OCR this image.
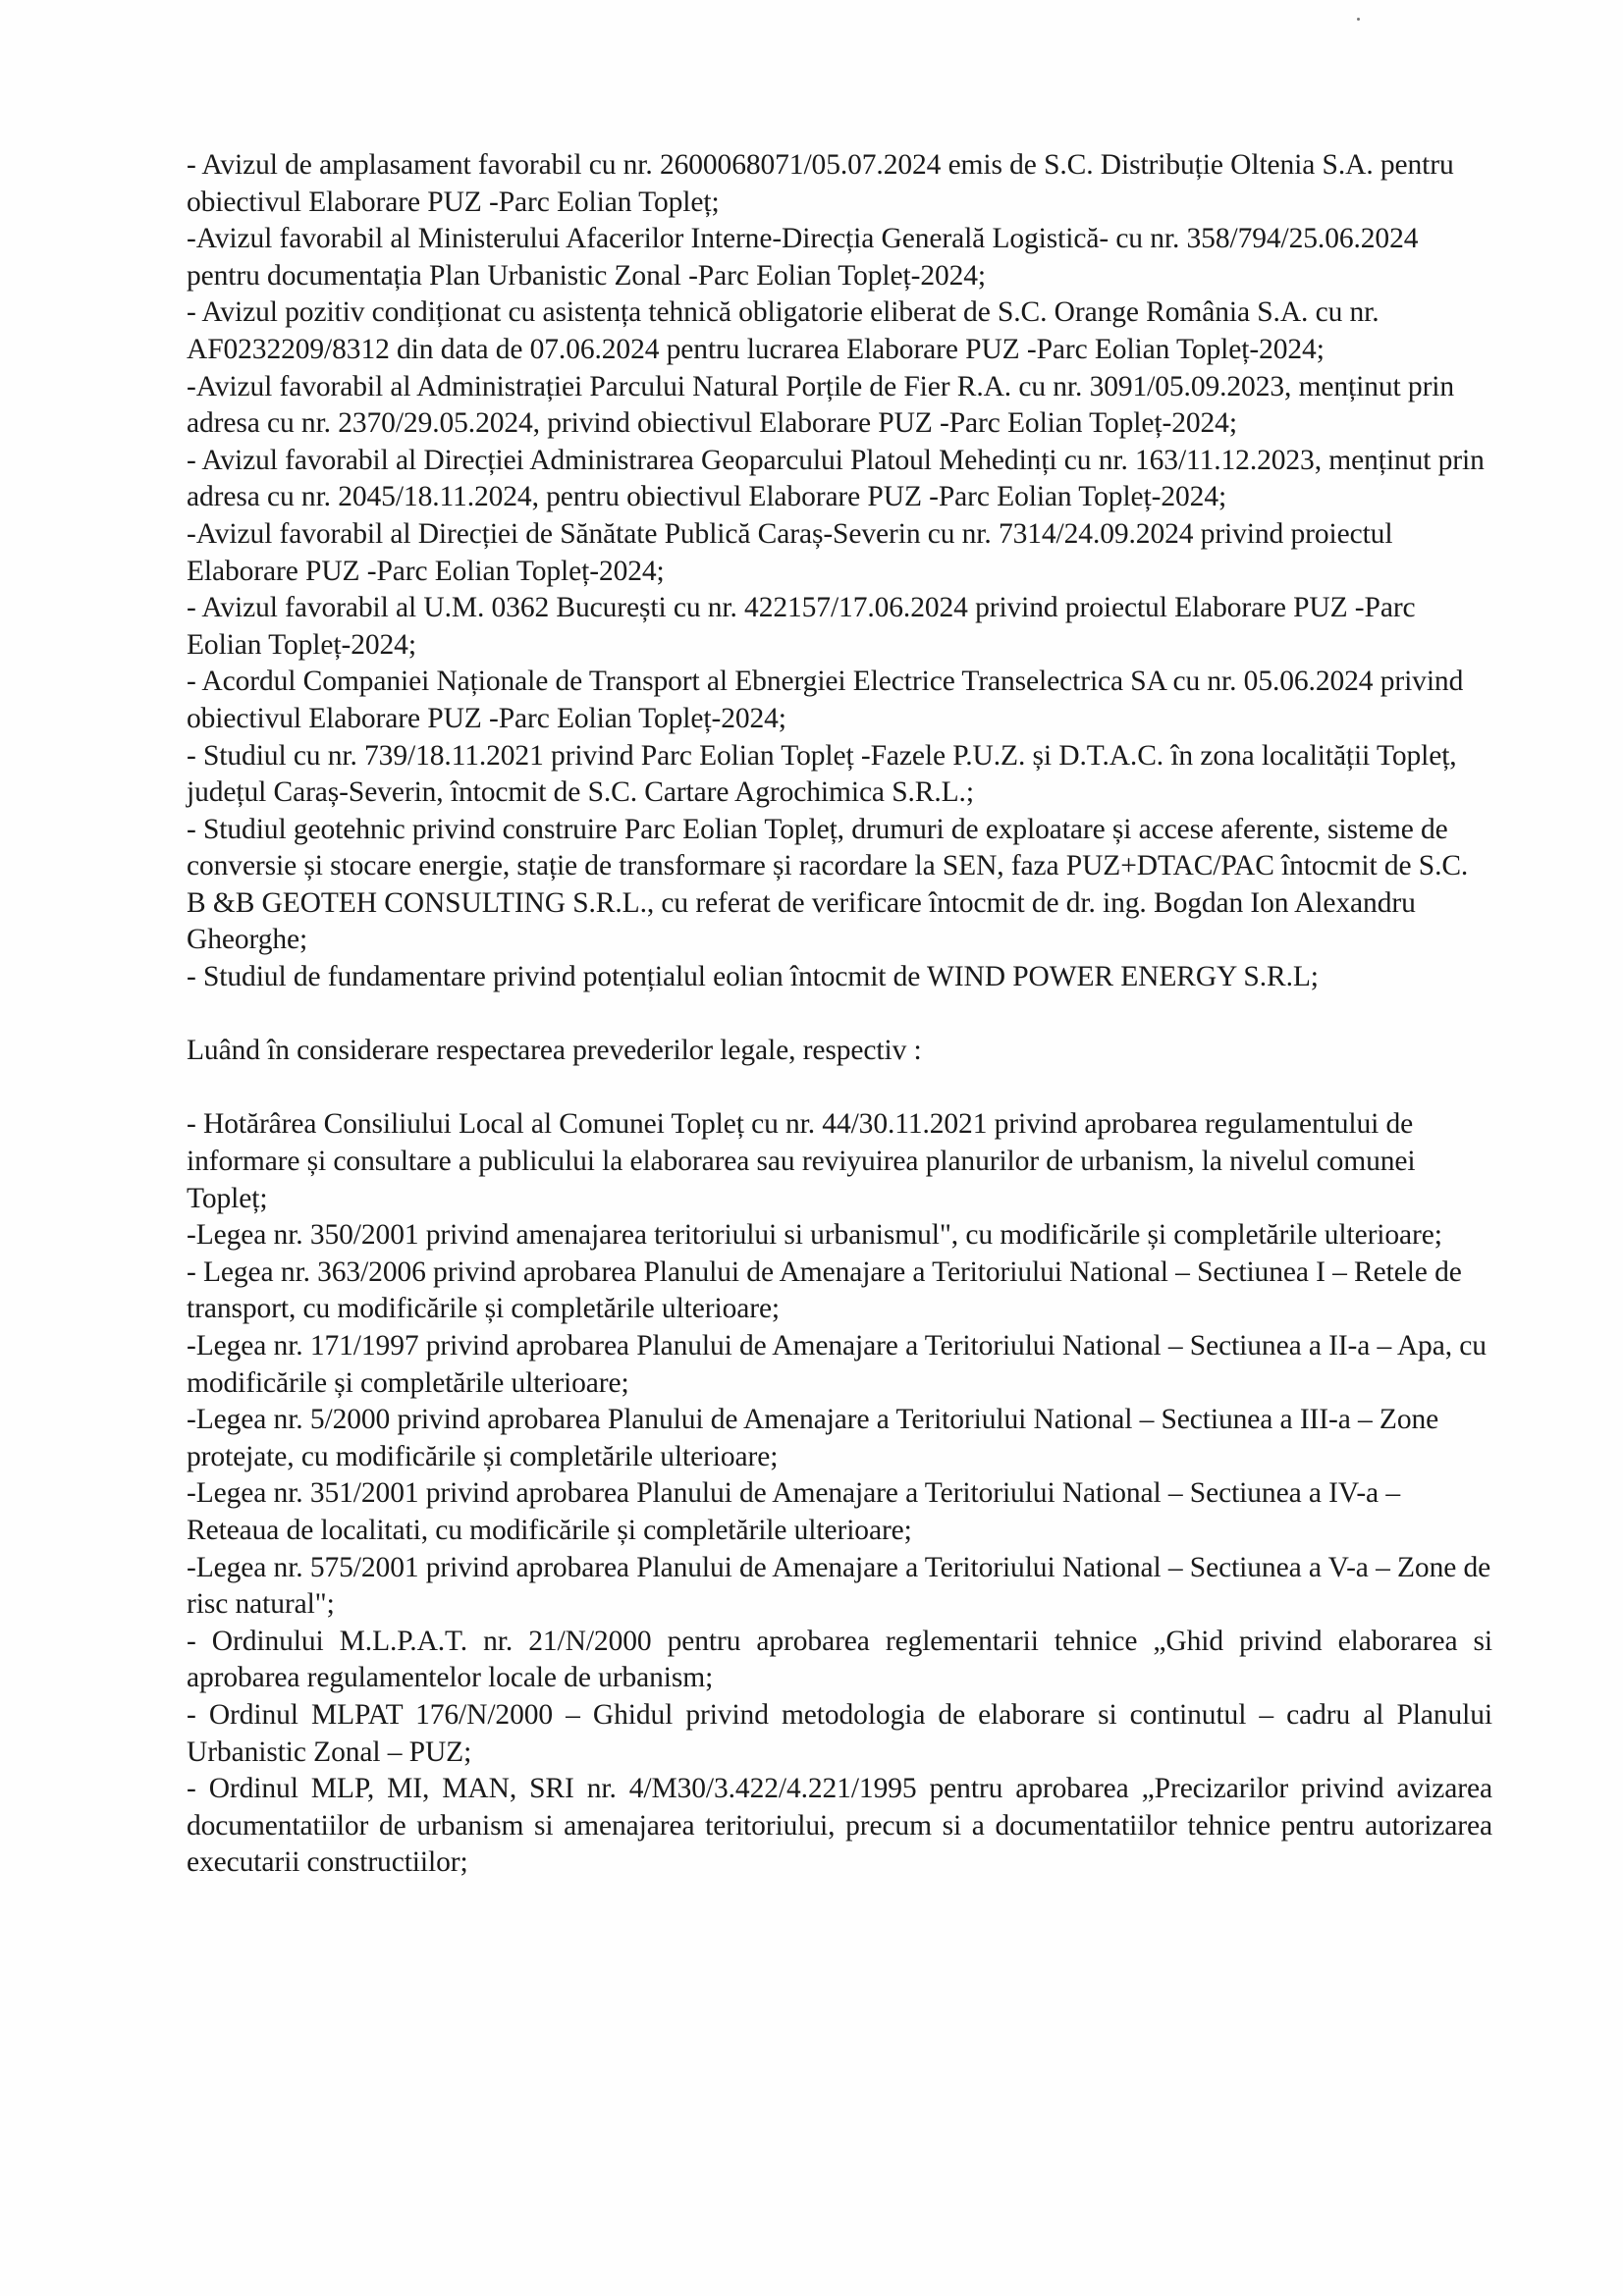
- Avizul de amplasament favorabil cu nr. 2600068071/05.07.2024 emis de S.C. Distribuție Oltenia S.A. pentru obiectivul Elaborare PUZ -Parc Eolian Topleț;

-Avizul favorabil al Ministerului Afacerilor Interne-Direcția Generală Logistică- cu nr. 358/794/25.06.2024 pentru documentația Plan Urbanistic Zonal -Parc Eolian Topleț-2024;

- Avizul pozitiv condiționat cu asistența tehnică obligatorie eliberat de S.C. Orange România S.A. cu nr. AF0232209/8312 din data de 07.06.2024 pentru lucrarea Elaborare PUZ -Parc Eolian Topleț-2024;

-Avizul favorabil al Administrației Parcului Natural Porțile de Fier R.A. cu nr. 3091/05.09.2023, menținut prin adresa cu nr. 2370/29.05.2024, privind obiectivul Elaborare PUZ -Parc Eolian Topleț-2024;

- Avizul favorabil al Direcției Administrarea Geoparcului Platoul Mehedinți cu nr. 163/11.12.2023, menținut prin adresa cu nr. 2045/18.11.2024, pentru obiectivul Elaborare PUZ -Parc Eolian Topleț-2024;

-Avizul favorabil al Direcției de Sănătate Publică Caraș-Severin cu nr. 7314/24.09.2024 privind proiectul Elaborare PUZ -Parc Eolian Topleț-2024;

- Avizul favorabil al U.M. 0362 București cu nr. 422157/17.06.2024 privind proiectul Elaborare PUZ -Parc Eolian Topleț-2024;

- Acordul Companiei Naționale de Transport al Ebnergiei Electrice Transelectrica SA cu nr. 05.06.2024 privind obiectivul Elaborare PUZ -Parc Eolian Topleț-2024;

- Studiul cu nr. 739/18.11.2021 privind Parc Eolian Topleț -Fazele P.U.Z. și D.T.A.C. în zona localității Topleț, județul Caraș-Severin, întocmit de S.C. Cartare Agrochimica S.R.L.;

- Studiul geotehnic privind construire Parc Eolian Topleț, drumuri de exploatare și accese aferente, sisteme de conversie și stocare energie, stație de transformare și racordare la SEN, faza PUZ+DTAC/PAC întocmit de S.C. B &B GEOTEH CONSULTING S.R.L., cu referat de verificare întocmit de dr. ing. Bogdan Ion Alexandru Gheorghe;

- Studiul de fundamentare privind potențialul eolian întocmit de WIND POWER ENERGY S.R.L;

Luând în considerare respectarea prevederilor legale, respectiv :

- Hotărârea Consiliului Local al Comunei Topleț cu nr. 44/30.11.2021 privind aprobarea regulamentului de informare și consultare a publicului la elaborarea sau reviyuirea planurilor de urbanism, la nivelul comunei Topleț;

-Legea nr. 350/2001 privind amenajarea teritoriului si urbanismul", cu modificările și completările ulterioare;

- Legea nr. 363/2006 privind aprobarea Planului de Amenajare a Teritoriului National – Sectiunea I – Retele de transport, cu modificările și completările ulterioare;

-Legea nr. 171/1997 privind aprobarea Planului de Amenajare a Teritoriului National – Sectiunea a II-a – Apa, cu modificările și completările ulterioare;

-Legea nr. 5/2000 privind aprobarea Planului de Amenajare a Teritoriului National – Sectiunea a III-a – Zone protejate, cu modificările și completările ulterioare;

-Legea nr. 351/2001 privind aprobarea Planului de Amenajare a Teritoriului National – Sectiunea a IV-a – Reteaua de localitati, cu modificările și completările ulterioare;

-Legea nr. 575/2001 privind aprobarea Planului de Amenajare a Teritoriului National – Sectiunea a V-a – Zone de risc natural";

- Ordinului M.L.P.A.T. nr. 21/N/2000 pentru aprobarea reglementarii tehnice „Ghid privind elaborarea si aprobarea regulamentelor locale de urbanism;

- Ordinul MLPAT 176/N/2000 – Ghidul privind metodologia de elaborare si continutul – cadru al Planului Urbanistic Zonal – PUZ;

- Ordinul MLP, MI, MAN, SRI nr. 4/M30/3.422/4.221/1995 pentru aprobarea „Precizarilor privind avizarea documentatiilor de urbanism si amenajarea teritoriului, precum si a documentatiilor tehnice pentru autorizarea executarii constructiilor;
